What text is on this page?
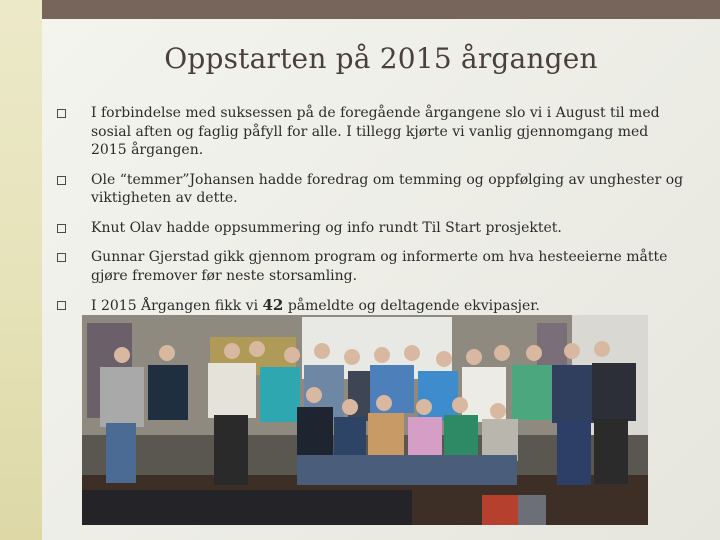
Oppstarten på 2015 årgangen
I forbindelse med suksessen på de foregående årgangene slo vi i August til med sosial aften og faglig påfyll for alle. I tillegg kjørte vi vanlig gjennomgang med 2015 årgangen.
Ole “temmer”Johansen hadde foredrag om temming og oppfølging av unghester og viktigheten av dette.
Knut Olav hadde oppsummering og info rundt Til Start prosjektet.
Gunnar Gjerstad gikk gjennom program og informerte om hva hesteeierne måtte gjøre fremover før neste storsamling.
I 2015 Årgangen fikk vi 42 påmeldte og deltagende ekvipasjer.
